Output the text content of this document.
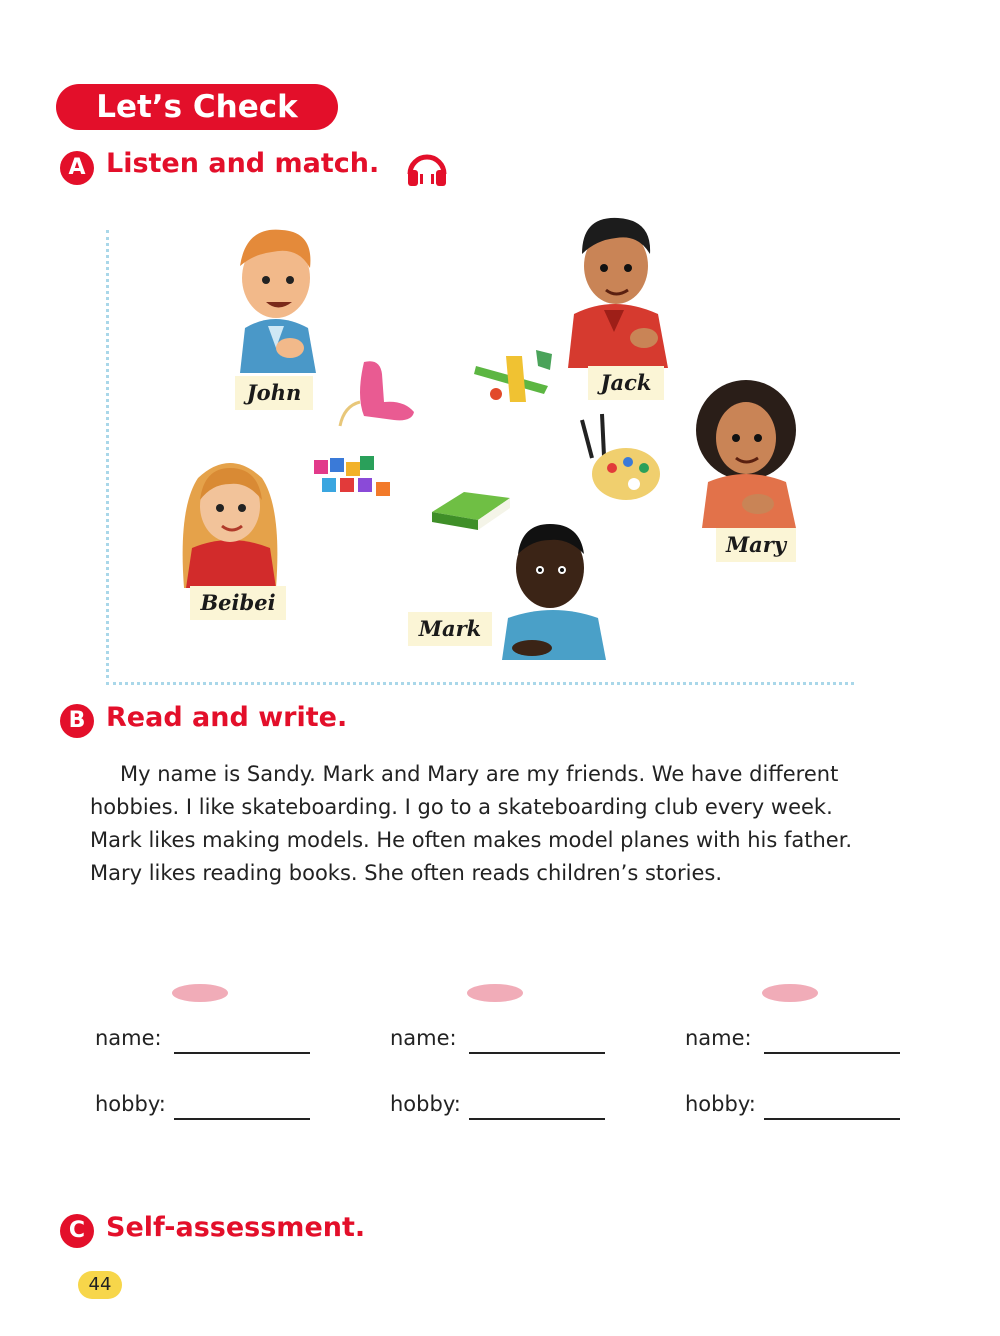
Let’s Check
A Listen and match.
John	Jack
Mary
Beibei
Mark
B Read and write.

My name is Sandy. Mark and Mary are my friends. We have different hobbies. I like skateboarding. I go to a skateboarding club every week. Mark likes making models. He often makes model planes with his father. Mary likes reading books. She often reads children’s stories.

name:
hobby:
name:
hobby:
name:
hobby:
C Self-assessment.
44
